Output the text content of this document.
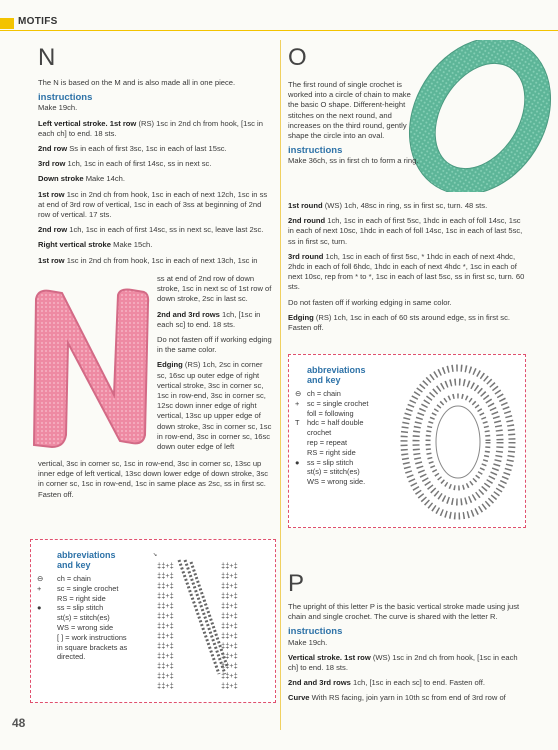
MOTIFS
N

The N is based on the M and is also made all in one piece.

instructions

Make 19ch.

Left vertical stroke. 1st row (RS) 1sc in 2nd ch from hook, [1sc in each ch] to end. 18 sts.

2nd row Ss in each of first 3sc, 1sc in each of last 15sc.

3rd row 1ch, 1sc in each of first 14sc, ss in next sc.

Down stroke Make 14ch.

1st row 1sc in 2nd ch from hook, 1sc in each of next 12ch, 1sc in ss at end of 3rd row of vertical, 1sc in each of 3ss at beginning of 2nd row of vertical. 17 sts.

2nd row 1ch, 1sc in each of first 14sc, ss in next sc, leave last 2sc.

Right vertical stroke Make 15ch.

1st row 1sc in 2nd ch from hook, 1sc in each of next 13ch, 1sc in

ss at end of 2nd row of down stroke, 1sc in next sc of 1st row of down stroke, 2sc in last sc.

2nd and 3rd rows 1ch, [1sc in each sc] to end. 18 sts.

Do not fasten off if working edging in the same color.

Edging (RS) 1ch, 2sc in corner sc, 16sc up outer edge of right vertical stroke, 3sc in corner sc, 1sc in row-end, 3sc in corner sc, 12sc down inner edge of right vertical, 13sc up upper edge of down stroke, 3sc in corner sc, 1sc in row-end, 3sc in corner sc, 16sc down outer edge of left

vertical, 3sc in corner sc, 1sc in row-end, 3sc in corner sc, 13sc up inner edge of left vertical, 13sc down lower edge of down stroke, 3sc in corner sc, 1sc in row-end, 1sc in same place as 2sc, ss in first sc. Fasten off.

abbreviations
and key
⊖
+

●
ch = chain
sc = single crochet
RS = right side
ss = slip stitch
st(s) = stitch(es)
WS = wrong side
[ ] = work instructions
in square brackets as
directed.
↘
‡‡+‡
‡‡+‡
‡‡+‡
‡‡+‡
‡‡+‡
‡‡+‡
‡‡+‡
‡‡+‡
‡‡+‡
‡‡+‡
‡‡+‡
‡‡+‡
‡‡+‡
‡‡+‡
‡‡+‡
‡‡+‡
‡‡+‡
‡‡+‡
‡‡+‡
‡‡+‡
‡‡+‡
‡‡+‡
‡‡+‡
‡‡+‡
‡‡+‡
‡‡+‡
48
O

The first round of single crochet is worked into a circle of chain to make the basic O shape. Different-height stitches on the next round, and increases on the third round, gently shape the circle into an oval.

instructions

Make 36ch, ss in first ch to form a ring.

1st round (WS) 1ch, 48sc in ring, ss in first sc, turn. 48 sts.

2nd round 1ch, 1sc in each of first 5sc, 1hdc in each of foll 14sc, 1sc in each of next 10sc, 1hdc in each of foll 14sc, 1sc in each of last 5sc, ss in first sc, turn.

3rd round 1ch, 1sc in each of first 5sc, * 1hdc in each of next 4hdc, 2hdc in each of foll 6hdc, 1hdc in each of next 4hdc *, 1sc in each of next 10sc, rep from * to *, 1sc in each of last 5sc, ss in first sc, turn. 60 sts.

Do not fasten off if working edging in same color.

Edging (RS) 1ch, 1sc in each of 60 sts around edge, ss in first sc. Fasten off.

abbreviations
and key
⊖
+

T

●
ch = chain
sc = single crochet
foll = following
hdc = half double
crochet
rep = repeat
RS = right side
ss = slip stitch
st(s) = stitch(es)
WS = wrong side.
P

The upright of this letter P is the basic vertical stroke made using just chain and single crochet. The curve is shared with the letter R.

instructions

Make 19ch.

Vertical stroke. 1st row (WS) 1sc in 2nd ch from hook, [1sc in each ch] to end. 18 sts.

2nd and 3rd rows 1ch, [1sc in each sc] to end. Fasten off.

Curve With RS facing, join yarn in 10th sc from end of 3rd row of
